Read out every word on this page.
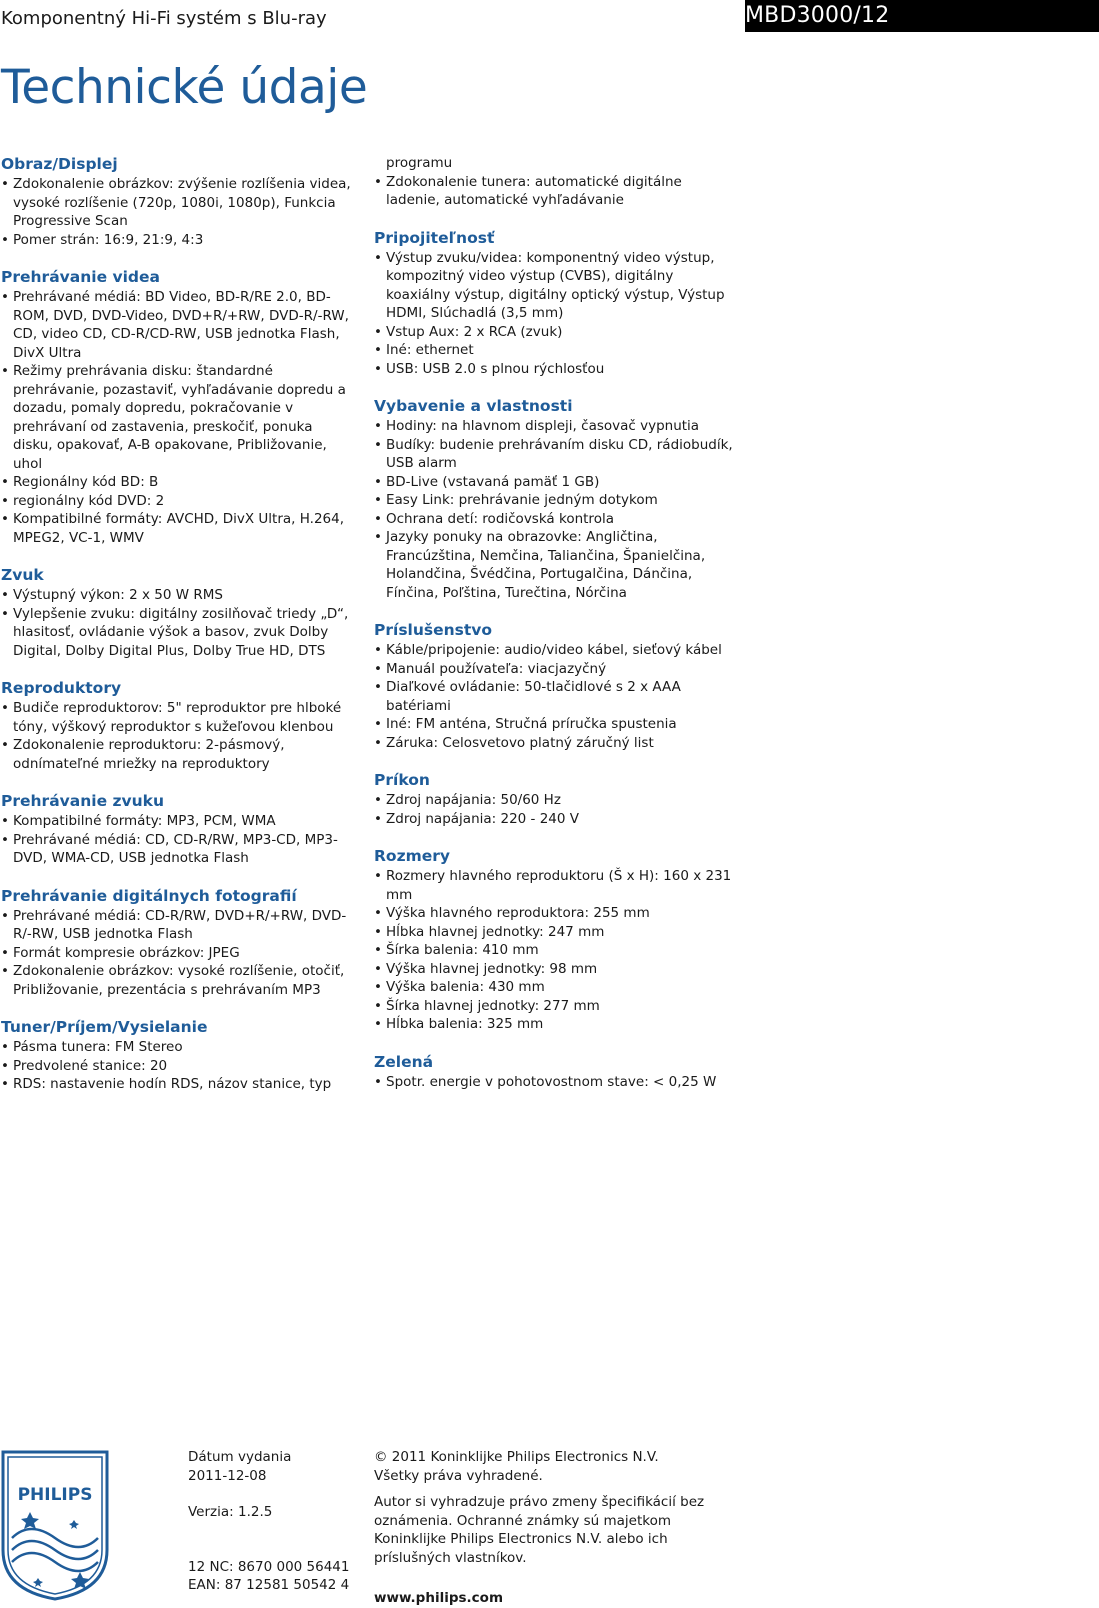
Komponentný Hi-Fi systém s Blu-ray	MBD3000/12
Technické údaje
Obraz/Displej
• Zdokonalenie obrázkov: zvýšenie rozlíšenia videa, vysoké rozlíšenie (720p, 1080i, 1080p), Funkcia Progressive Scan
• Pomer strán: 16:9, 21:9, 4:3
Prehrávanie videa
• Prehrávané médiá: BD Video, BD-R/RE 2.0, BD-ROM, DVD, DVD-Video, DVD+R/+RW, DVD-R/-RW, CD, video CD, CD-R/CD-RW, USB jednotka Flash, DivX Ultra
• Režimy prehrávania disku: štandardné prehrávanie, pozastaviť, vyhľadávanie dopredu a dozadu, pomaly dopredu, pokračovanie v prehrávaní od zastavenia, preskočiť, ponuka disku, opakovať, A-B opakovane, Približovanie, uhol
• Regionálny kód BD: B
• regionálny kód DVD: 2
• Kompatibilné formáty: AVCHD, DivX Ultra, H.264, MPEG2, VC-1, WMV
Zvuk
• Výstupný výkon: 2 x 50 W RMS
• Vylepšenie zvuku: digitálny zosilňovač triedy „D“, hlasitosť, ovládanie výšok a basov, zvuk Dolby Digital, Dolby Digital Plus, Dolby True HD, DTS
Reproduktory
• Budiče reproduktorov: 5" reproduktor pre hlboké tóny, výškový reproduktor s kužeľovou klenbou
• Zdokonalenie reproduktoru: 2-pásmový, odnímateľné mriežky na reproduktory
Prehrávanie zvuku
• Kompatibilné formáty: MP3, PCM, WMA
• Prehrávané médiá: CD, CD-R/RW, MP3-CD, MP3-DVD, WMA-CD, USB jednotka Flash
Prehrávanie digitálnych fotografií
• Prehrávané médiá: CD-R/RW, DVD+R/+RW, DVD-R/-RW, USB jednotka Flash
• Formát kompresie obrázkov: JPEG
• Zdokonalenie obrázkov: vysoké rozlíšenie, otočiť, Približovanie, prezentácia s prehrávaním MP3
Tuner/Príjem/Vysielanie
• Pásma tunera: FM Stereo
• Predvolené stanice: 20
• RDS: nastavenie hodín RDS, názov stanice, typ
programu
• Zdokonalenie tunera: automatické digitálne ladenie, automatické vyhľadávanie
Pripojiteľnosť
• Výstup zvuku/videa: komponentný video výstup, kompozitný video výstup (CVBS), digitálny koaxiálny výstup, digitálny optický výstup, Výstup HDMI, Slúchadlá (3,5 mm)
• Vstup Aux: 2 x RCA (zvuk)
• Iné: ethernet
• USB: USB 2.0 s plnou rýchlosťou
Vybavenie a vlastnosti
• Hodiny: na hlavnom displeji, časovač vypnutia
• Budíky: budenie prehrávaním disku CD, rádiobudík, USB alarm
• BD-Live (vstavaná pamäť 1 GB)
• Easy Link: prehrávanie jedným dotykom
• Ochrana detí: rodičovská kontrola
• Jazyky ponuky na obrazovke: Angličtina, Francúzština, Nemčina, Taliančina, Španielčina, Holandčina, Švédčina, Portugalčina, Dánčina, Fínčina, Poľština, Turečtina, Nórčina
Príslušenstvo
• Káble/pripojenie: audio/video kábel, sieťový kábel
• Manuál používateľa: viacjazyčný
• Diaľkové ovládanie: 50-tlačidlové s 2 x AAA batériami
• Iné: FM anténa, Stručná príručka spustenia
• Záruka: Celosvetovo platný záručný list
Príkon
• Zdroj napájania: 50/60 Hz
• Zdroj napájania: 220 - 240 V
Rozmery
• Rozmery hlavného reproduktoru (Š x H): 160 x 231 mm
• Výška hlavného reproduktora: 255 mm
• Hĺbka hlavnej jednotky: 247 mm
• Šírka balenia: 410 mm
• Výška hlavnej jednotky: 98 mm
• Výška balenia: 430 mm
• Šírka hlavnej jednotky: 277 mm
• Hĺbka balenia: 325 mm
Zelená
• Spotr. energie v pohotovostnom stave: < 0,25 W
PHILIPS
Dátum vydania
2011-12-08
Verzia: 1.2.5
12 NC: 8670 000 56441
EAN: 87 12581 50542 4
© 2011 Koninklijke Philips Electronics N.V.
Všetky práva vyhradené.
Autor si vyhradzuje právo zmeny špecifikácií bez oznámenia. Ochranné známky sú majetkom Koninklijke Philips Electronics N.V. alebo ich príslušných vlastníkov.
www.philips.com
